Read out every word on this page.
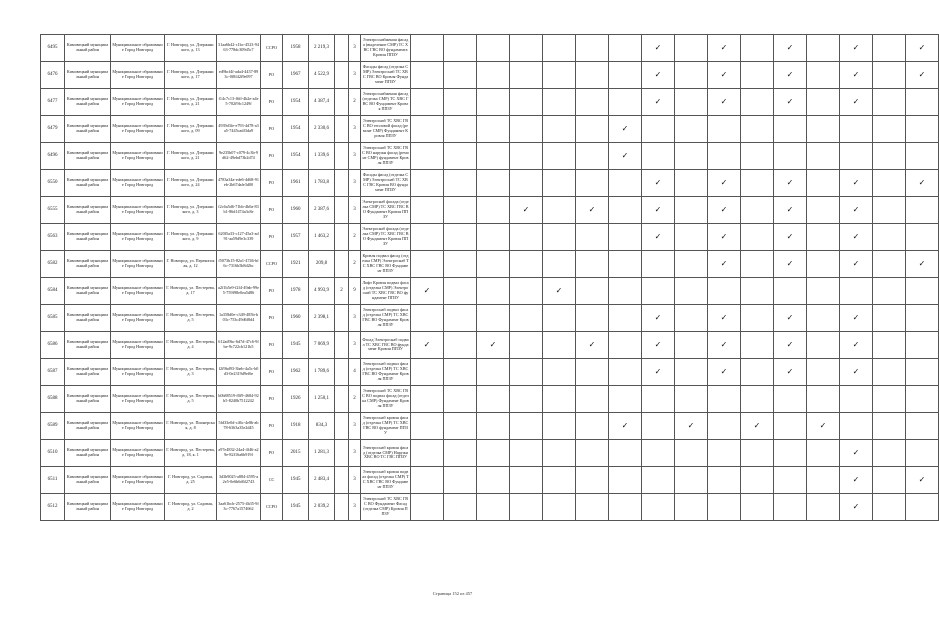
6495	Кимовецкий муниципальный район	Муниципальное образование Город Новгород	Г. Новгород, ул. Дзержинского, д. 13	31aa6b42-c1bc-4523-9463-778dc309d5c7	ССРО	1958	2 219,3		3	Электроснабжения фасада (выделение СМР) ТС ХВС ГВС ВО фундамента Кровля ППЗУ								✓		✓		✓		✓		✓
6476	Кимовецкий муниципальный район	Муниципальное образование Город Новгород	Г. Новгород, ул. Дзержинского, д. 17	ed9bcf4f-ada4-4437-893c-0f8f42f9e097	РО	1967	4 522,9		3	Фасады фасад (отделка СМР) Электроснаб ТС ХВС ГВС ВО Кровля Фундамент ППЗУ								✓		✓		✓		✓		✓
6477	Кимовецкий муниципальный район	Муниципальное образование Город Новгород	Г. Новгород, ул. Дзержинского, д. 21	f14c7c13-f6ff-4b2e-a4e5-702f9fc1249f	РО	1954	4 387,4		2	Электроснабжения фасад (отделка СМР) ТС ХВС ГВС ВО Фундамент Кровля ППЗУ								✓		✓		✓		✓		
6479	Кимовецкий муниципальный район	Муниципальное образование Город Новгород	Г. Новгород, ул. Дзержинского, д. 09	4939d3fe-e793-4d78-a3a5-7445cadf3da9	РО	1954	2 330,6		3	Электроснаб ТС ХВС ГВС ВО тепловой фасад (ремонт СМР) Фундамент Кровля ППЗУ							✓									
6496	Кимовецкий муниципальный район	Муниципальное образование Город Новгород	Г. Новгород, ул. Дзержинского, д. 21	9e235b07-c079-4c3b-9d62-49ebd73b2d74	РО	1954	1 339,6		3	Электроснаб ТС ХВС ГВС ВО наружн фасад (ремонт СМР) фундамент Кровля ППЗУ							✓									
6550	Кимовецкий муниципальный район	Муниципальное образование Город Новгород	Г. Новгород, ул. Дзержинского, д. 24	4783a34a-ede6-4d68-91eb-2b67dafe3d00	РО	1961	1 783,8		3	Фасады фасад (отделка СМР) Электроснаб ТС ХВС ГВС Кровля ВО фундамент ППЗУ								✓		✓		✓		✓		✓
6555	Кимовецкий муниципальный район	Муниципальное образование Город Новгород	Г. Новгород, ул. Дзержинского, д. 3	f2c6a5d6-71bb-4b0a-83b1-86d1474a3c8e	РО	1960	2 387,6		3	Электроснаб фасада (отделка СМР) ТС ХВС ГВС ВО Фундамент Кровля ППЗУ				✓		✓		✓		✓		✓		✓		
6563	Кимовецкий муниципальный район	Муниципальное образование Город Новгород	Г. Новгород, ул. Дзержинского, д. 9	620f5a33-c127-45a3-ad91-aa59d9e3c339	РО	1957	1 463,2		2	Электроснаб фасада (отделка СМР) ТС ХВС ГВС ВО Фундамент Кровля ППЗУ								✓		✓		✓		✓		
6582	Кимовецкий муниципальный район	Муниципальное образование Город Новгород	Г. Новгород, ул. Перекопская, д. 12	f5073b15-82a1-4746-bf6c-7316b5b8d2bc	ССРО	1921	209,8		2	Кровля подвал фасад (отделка СМР) Электроснаб ТС ХВС ГВС ВО Фундамент ППЗУ										✓		✓		✓		✓
6584	Кимовецкий муниципальный район	Муниципальное образование Город Новгород	Г. Новгород, ул. Пестерева, д. 17	a2f1b5e9-f2f4-49ab-99e5-759f98e0ea5d86	РО	1978	4 993,9	2	9	Лифт Кровля подвал фасад (отделка СМР) Электроснаб ТС ХВС ГВС ВО фундамент ППЗУ	✓				✓											
6585	Кимовецкий муниципальный район	Муниципальное образование Город Новгород	Г. Новгород, ул. Пестерева, д. 5	1a358d0e-c349-485b-b03c-753c49d6f8d4	РО	1960	2 398,1		3	Электроснаб подвал фасад (отделка СМР) ТС ХВС ГВС ВО Фундамент Кровля ППЗУ								✓		✓		✓		✓		
6586	Кимовецкий муниципальный район	Муниципальное образование Город Новгород	Г. Новгород, ул. Пестерева, д. 4	612ad9bc-6d7d-47c6-9fbe-9c722cb121b5	РО	1945	7 069,9		3	Фасад Электроснаб подвал ТС ХВС ГВС ВО фундамент Кровля ППЗУ	✓		✓			✓		✓		✓		✓		✓		
6587	Кимовецкий муниципальный район	Муниципальное образование Город Новгород	Г. Новгород, ул. Пестерева, д. 3	f2f9bd93-3beb-4a5c-b0d3-0e2319d9ef6e	РО	1962	1 789,6		4	Электроснаб подвал фасад (отделка СМР) ТС ХВС ГВС ВО Фундамент Кровля ППЗУ								✓		✓		✓		✓		
6588	Кимовецкий муниципальный район	Муниципальное образование Город Новгород	Г. Новгород, ул. Пестерева, д. 5	b0b88519-f0f9-4684-92b5-8240b7512242	РО	1926	1 250,1		2	Электроснаб ТС ХВС ГВС ВО подвал фасад (отделка СМР) Фундамент Кровля ППЗУ																
6589	Кимовецкий муниципальный район	Муниципальное образование Город Новгород	Г. Новгород, ул. Пионерская, д. 8	5fd33e0d-c46c-4e8b-ab78-6363a35e2d45	РО	1918	834,3		3	Электроснаб кровля фасад (отделка СМР) ТС ХВС ГВС ВО фундамент ППЗУ							✓		✓		✓		✓			
6510	Кимовецкий муниципальный район	Муниципальное образование Город Новгород	Г. Новгород, ул. Пестерева, д. 18, к. 1	a97e4832-24a4-4f46-a29e-82f16a6b919f	РО	2015	1 281,3		3	Электроснаб кровля фасад (отделка СМР) Наружн ХВС ВО ТС ГВС ППЗУ														✓		
6511	Кимовецкий муниципальный район	Муниципальное образование Город Новгород	Г. Новгород, ул. Садовая, д. 25	3d3b9025-a884-4595-a2e5-0e6b6d6f2743	СС	1945	2 483,4		3	Электроснаб кровля подвал фасад (отделка СМР) ТС ХВС ГВС ВО Фундамент ППЗУ														✓		✓
6512	Кимовецкий муниципальный район	Муниципальное образование Город Новгород	Г. Новгород, ул. Садовая, д. 2	3aa61bcb-2575-4b35-9f3c-7767a1574662	ССРО	1945	2 039,2		3	Электроснаб ТС ХВС ГВС ВО Фундамент Фасад (отделка СМР) Кровля ППЗУ														✓		
Страница 152 из 457
